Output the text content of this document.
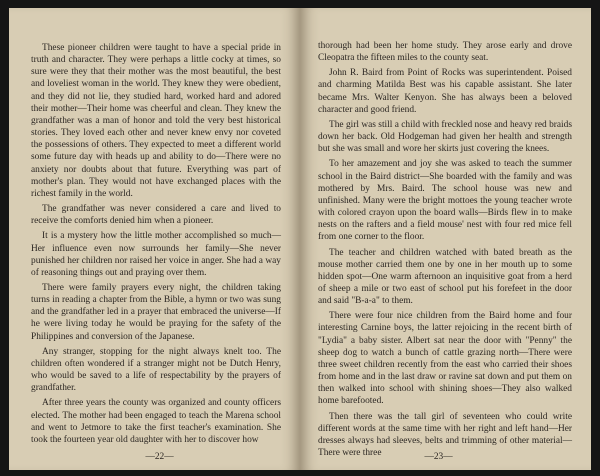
These pioneer children were taught to have a special pride in truth and character. They were perhaps a little cocky at times, so sure were they that their mother was the most beautiful, the best and loveliest woman in the world. They knew they were obedient, and they did not lie, they studied hard, worked hard and adored their mother—Their home was cheerful and clean. They knew the grandfather was a man of honor and told the very best historical stories. They loved each other and never knew envy nor coveted the possessions of others. They expected to meet a different world some future day with heads up and ability to do—There were no anxiety nor doubts about that future. Everything was part of mother's plan. They would not have exchanged places with the richest family in the world.

The grandfather was never considered a care and lived to receive the comforts denied him when a pioneer.

It is a mystery how the little mother accomplished so much—Her influence even now surrounds her family—She never punished her children nor raised her voice in anger. She had a way of reasoning things out and praying over them.

There were family prayers every night, the children taking turns in reading a chapter from the Bible, a hymn or two was sung and the grandfather led in a prayer that embraced the universe—If he were living today he would be praying for the safety of the Philippines and conversion of the Japanese.

Any stranger, stopping for the night always knelt too. The children often wondered if a stranger might not be Dutch Henry, who would be saved to a life of respectability by the prayers of grandfather.

After three years the county was organized and county officers elected. The mother had been engaged to teach the Marena school and went to Jetmore to take the first teacher's examination. She took the fourteen year old daughter with her to discover how

—22—

thorough had been her home study. They arose early and drove Cleopatra the fifteen miles to the county seat.

John R. Baird from Point of Rocks was superintendent. Poised and charming Matilda Best was his capable assistant. She later became Mrs. Walter Kenyon. She has always been a beloved character and good friend.

The girl was still a child with freckled nose and heavy red braids down her back. Old Hodgeman had given her health and strength but she was small and wore her skirts just covering the knees.

To her amazement and joy she was asked to teach the summer school in the Baird district—She boarded with the family and was mothered by Mrs. Baird. The school house was new and unfinished. Many were the bright mottoes the young teacher wrote with colored crayon upon the board walls—Birds flew in to make nests on the rafters and a field mouse' nest with four red mice fell from one corner to the floor.

The teacher and children watched with bated breath as the mouse mother carried them one by one in her mouth up to some hidden spot—One warm afternoon an inquisitive goat from a herd of sheep a mile or two east of school put his forefeet in the door and said "B-a-a" to them.

There were four nice children from the Baird home and four interesting Carnine boys, the latter rejoicing in the recent birth of "Lydia" a baby sister. Albert sat near the door with "Penny" the sheep dog to watch a bunch of cattle grazing north—There were three sweet children recently from the east who carried their shoes from home and in the last draw or ravine sat down and put them on then walked into school with shining shoes—They also walked home barefooted.

Then there was the tall girl of seventeen who could write different words at the same time with her right and left hand—Her dresses always had sleeves, belts and trimming of other material—There were three	—23—
